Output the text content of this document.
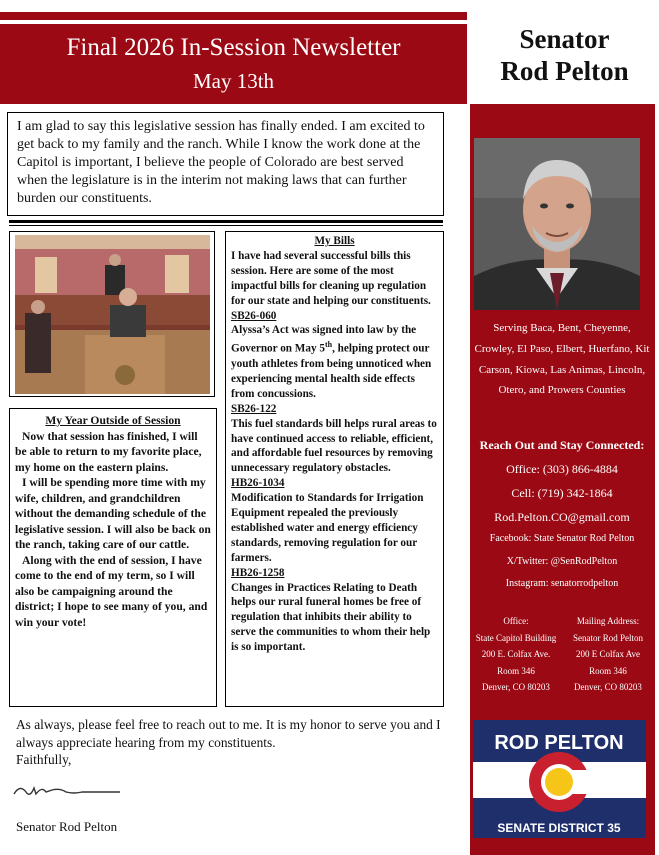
Final 2026 In-Session Newsletter
May 13th
Senator
Rod Pelton
Serving Baca, Bent, Cheyenne, Crowley, El Paso, Elbert, Huerfano, Kit Carson, Kiowa, Las Animas, Lincoln, Otero, and Prowers Counties
Reach Out and Stay Connected:
Office: (303) 866-4884
Cell: (719) 342-1864
Rod.Pelton.CO@gmail.com
Facebook: State Senator Rod Pelton
X/Twitter: @SenRodPelton
Instagram: senatorrodpelton
Office:
State Capitol Building
200 E. Colfax Ave.
Room 346
Denver, CO 80203
Mailing Address:
Senator Rod Pelton
200 E Colfax Ave
Room 346
Denver, CO 80203
ROD PELTON
SENATE DISTRICT 35
I am glad to say this legislative session has finally ended. I am excited to get back to my family and the ranch. While I know the work done at the Capitol is important, I believe the people of Colorado are best served when the legislature is in the interim not making laws that can further burden our constituents.
My Year Outside of Session

Now that session has finished, I will be able to return to my favorite place, my home on the eastern plains.

I will be spending more time with my wife, children, and grandchildren without the demanding schedule of the legislative session. I will also be back on the ranch, taking care of our cattle.

Along with the end of session, I have come to the end of my term, so I will also be campaigning around the district; I hope to see many of you, and win your vote!

My Bills

I have had several successful bills this session. Here are some of the most impactful bills for cleaning up regulation for our state and helping our constituents.

SB26-060

Alyssa’s Act was signed into law by the Governor on May 5th, helping protect our youth athletes from being unnoticed when experiencing mental health side effects from concussions.

SB26-122

This fuel standards bill helps rural areas to have continued access to reliable, efficient, and affordable fuel resources by removing unnecessary regulatory obstacles.

HB26-1034

Modification to Standards for Irrigation Equipment repealed the previously established water and energy efficiency standards, removing regulation for our farmers.

HB26-1258

Changes in Practices Relating to Death helps our rural funeral homes be free of regulation that inhibits their ability to serve the communities to whom their help is so important.

As always, please feel free to reach out to me. It is my honor to serve you and I always appreciate hearing from my constituents.
Faithfully,
Senator Rod Pelton
